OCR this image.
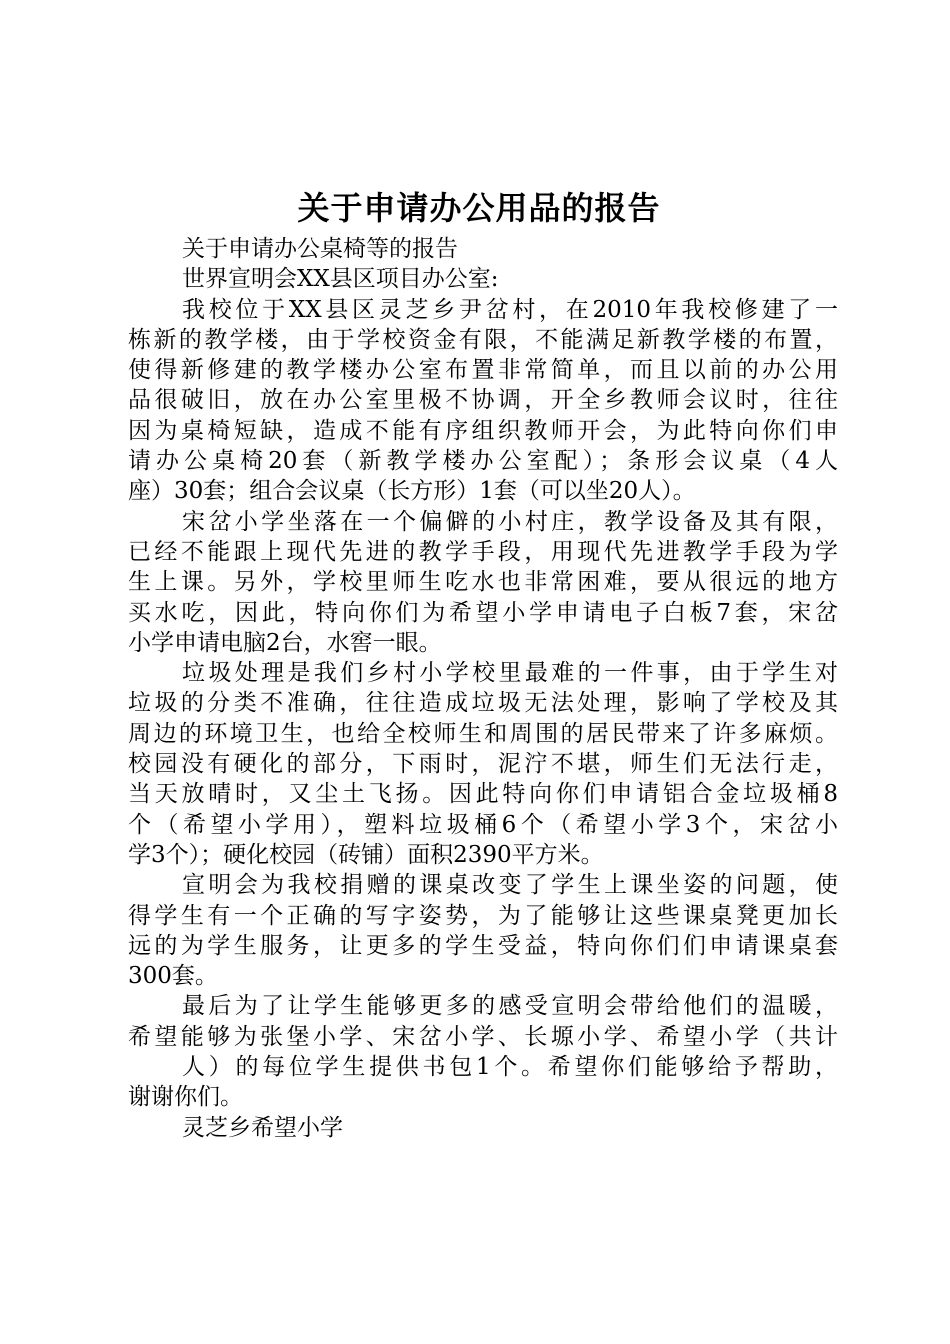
关于申请办公用品的报告
关于申请办公桌椅等的报告
世界宣明会XX县区项目办公室:
我校位于XX县区灵芝乡尹岔村，在2010年我校修建了一
栋新的教学楼，由于学校资金有限，不能满足新教学楼的布置，
使得新修建的教学楼办公室布置非常简单，而且以前的办公用
品很破旧，放在办公室里极不协调，开全乡教师会议时，往往
因为桌椅短缺，造成不能有序组织教师开会，为此特向你们申
请办公桌椅20套（新教学楼办公室配）；条形会议桌（4人
座）30套；组合会议桌（长方形）1套（可以坐20人）。
宋岔小学坐落在一个偏僻的小村庄，教学设备及其有限，
已经不能跟上现代先进的教学手段，用现代先进教学手段为学
生上课。另外，学校里师生吃水也非常困难，要从很远的地方
买水吃，因此，特向你们为希望小学申请电子白板7套，宋岔
小学申请电脑2台，水窖一眼。
垃圾处理是我们乡村小学校里最难的一件事，由于学生对
垃圾的分类不准确，往往造成垃圾无法处理，影响了学校及其
周边的环境卫生，也给全校师生和周围的居民带来了许多麻烦。
校园没有硬化的部分，下雨时，泥泞不堪，师生们无法行走，
当天放晴时，又尘土飞扬。因此特向你们申请铝合金垃圾桶8
个（希望小学用），塑料垃圾桶6个（希望小学3个，宋岔小
学3个）；硬化校园（砖铺）面积2390平方米。
宣明会为我校捐赠的课桌改变了学生上课坐姿的问题，使
得学生有一个正确的写字姿势，为了能够让这些课桌凳更加长
远的为学生服务，让更多的学生受益，特向你们们申请课桌套
300套。
最后为了让学生能够更多的感受宣明会带给他们的温暖，
希望能够为张堡小学、宋岔小学、长塬小学、希望小学（共计
人）的每位学生提供书包1个。希望你们能够给予帮助，
谢谢你们。
灵芝乡希望小学
